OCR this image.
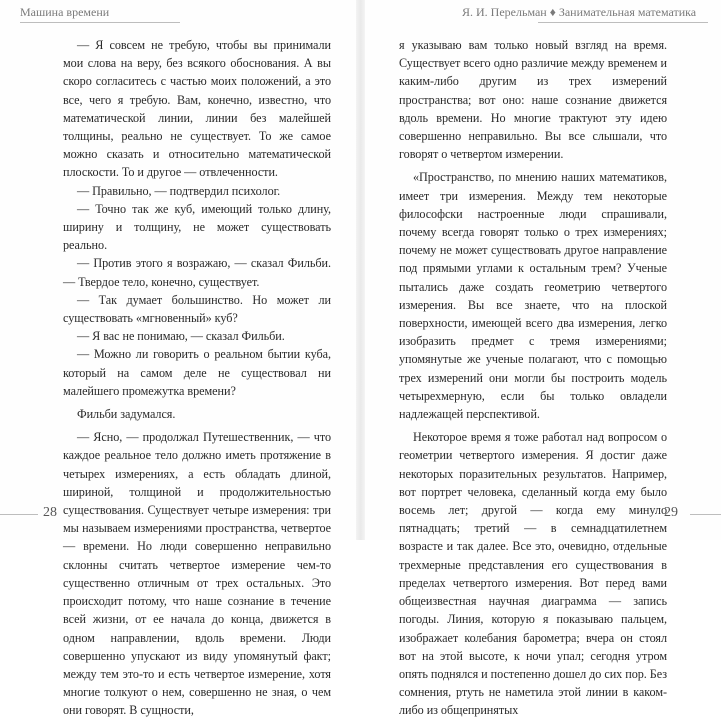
Машина времени	Я. И. Перельман ♦ Занимательная математика

— Я совсем не требую, чтобы вы принимали мои слова на веру, без всякого обоснования. А вы скоро согласитесь с частью моих положений, а это все, чего я требую. Вам, конечно, известно, что математической линии, линии без малейшей толщины, реально не существует. То же самое можно сказать и относительно математической плоскости. То и другое — отвлеченности.

— Правильно, — подтвердил психолог.

— Точно так же куб, имеющий только длину, ширину и толщину, не может существовать реально.

— Против этого я возражаю, — сказал Фильби. — Твердое тело, конечно, существует.

— Так думает большинство. Но может ли существовать «мгновенный» куб?

— Я вас не понимаю, — сказал Фильби.

— Можно ли говорить о реальном бытии куба, который на самом деле не существовал ни малейшего промежутка времени?

Фильби задумался.

— Ясно, — продолжал Путешественник, — что каждое реальное тело должно иметь протяжение в четырех измерениях, а есть обладать длиной, шириной, толщиной и продолжительностью существования. Существует четыре измерения: три мы называем измерениями пространства, четвертое — времени. Но люди совершенно неправильно склонны считать четвертое измерение чем-то существенно отличным от трех остальных. Это происходит потому, что наше сознание в течение всей жизни, от ее начала до конца, движется в одном направлении, вдоль времени. Люди совершенно упускают из виду упомянутый факт; между тем это-то и есть четвертое измерение, хотя многие толкуют о нем, совершенно не зная, о чем они говорят. В сущности,

я указываю вам только новый взгляд на время. Существует всего одно различие между временем и каким-либо другим из трех измерений пространства; вот оно: наше сознание движется вдоль времени. Но многие трактуют эту идею совершенно неправильно. Вы все слышали, что говорят о четвертом измерении.

«Пространство, по мнению наших математиков, имеет три измерения. Между тем некоторые философски настроенные люди спрашивали, почему всегда говорят только о трех измерениях; почему не может существовать другое направление под прямыми углами к остальным трем? Ученые пытались даже создать геометрию четвертого измерения. Вы все знаете, что на плоской поверхности, имеющей всего два измерения, легко изобразить предмет с тремя измерениями; упомянутые же ученые полагают, что с помощью трех измерений они могли бы построить модель четырехмерную, если бы только овладели надлежащей перспективой.

Некоторое время я тоже работал над вопросом о геометрии четвертого измерения. Я достиг даже некоторых поразительных результатов. Например, вот портрет человека, сделанный когда ему было восемь лет; другой — когда ему минуло пятнадцать; третий — в семнадцатилетнем возрасте и так далее. Все это, очевидно, отдельные трехмерные представления его существования в пределах четвертого измерения. Вот перед вами общеизвестная научная диаграмма — запись погоды. Линия, которую я показываю пальцем, изображает колебания барометра; вчера он стоял вот на этой высоте, к ночи упал; сегодня утром опять поднялся и постепенно дошел до сих пор. Без сомнения, ртуть не наметила этой линии в каком-либо из общепринятых

28	29
